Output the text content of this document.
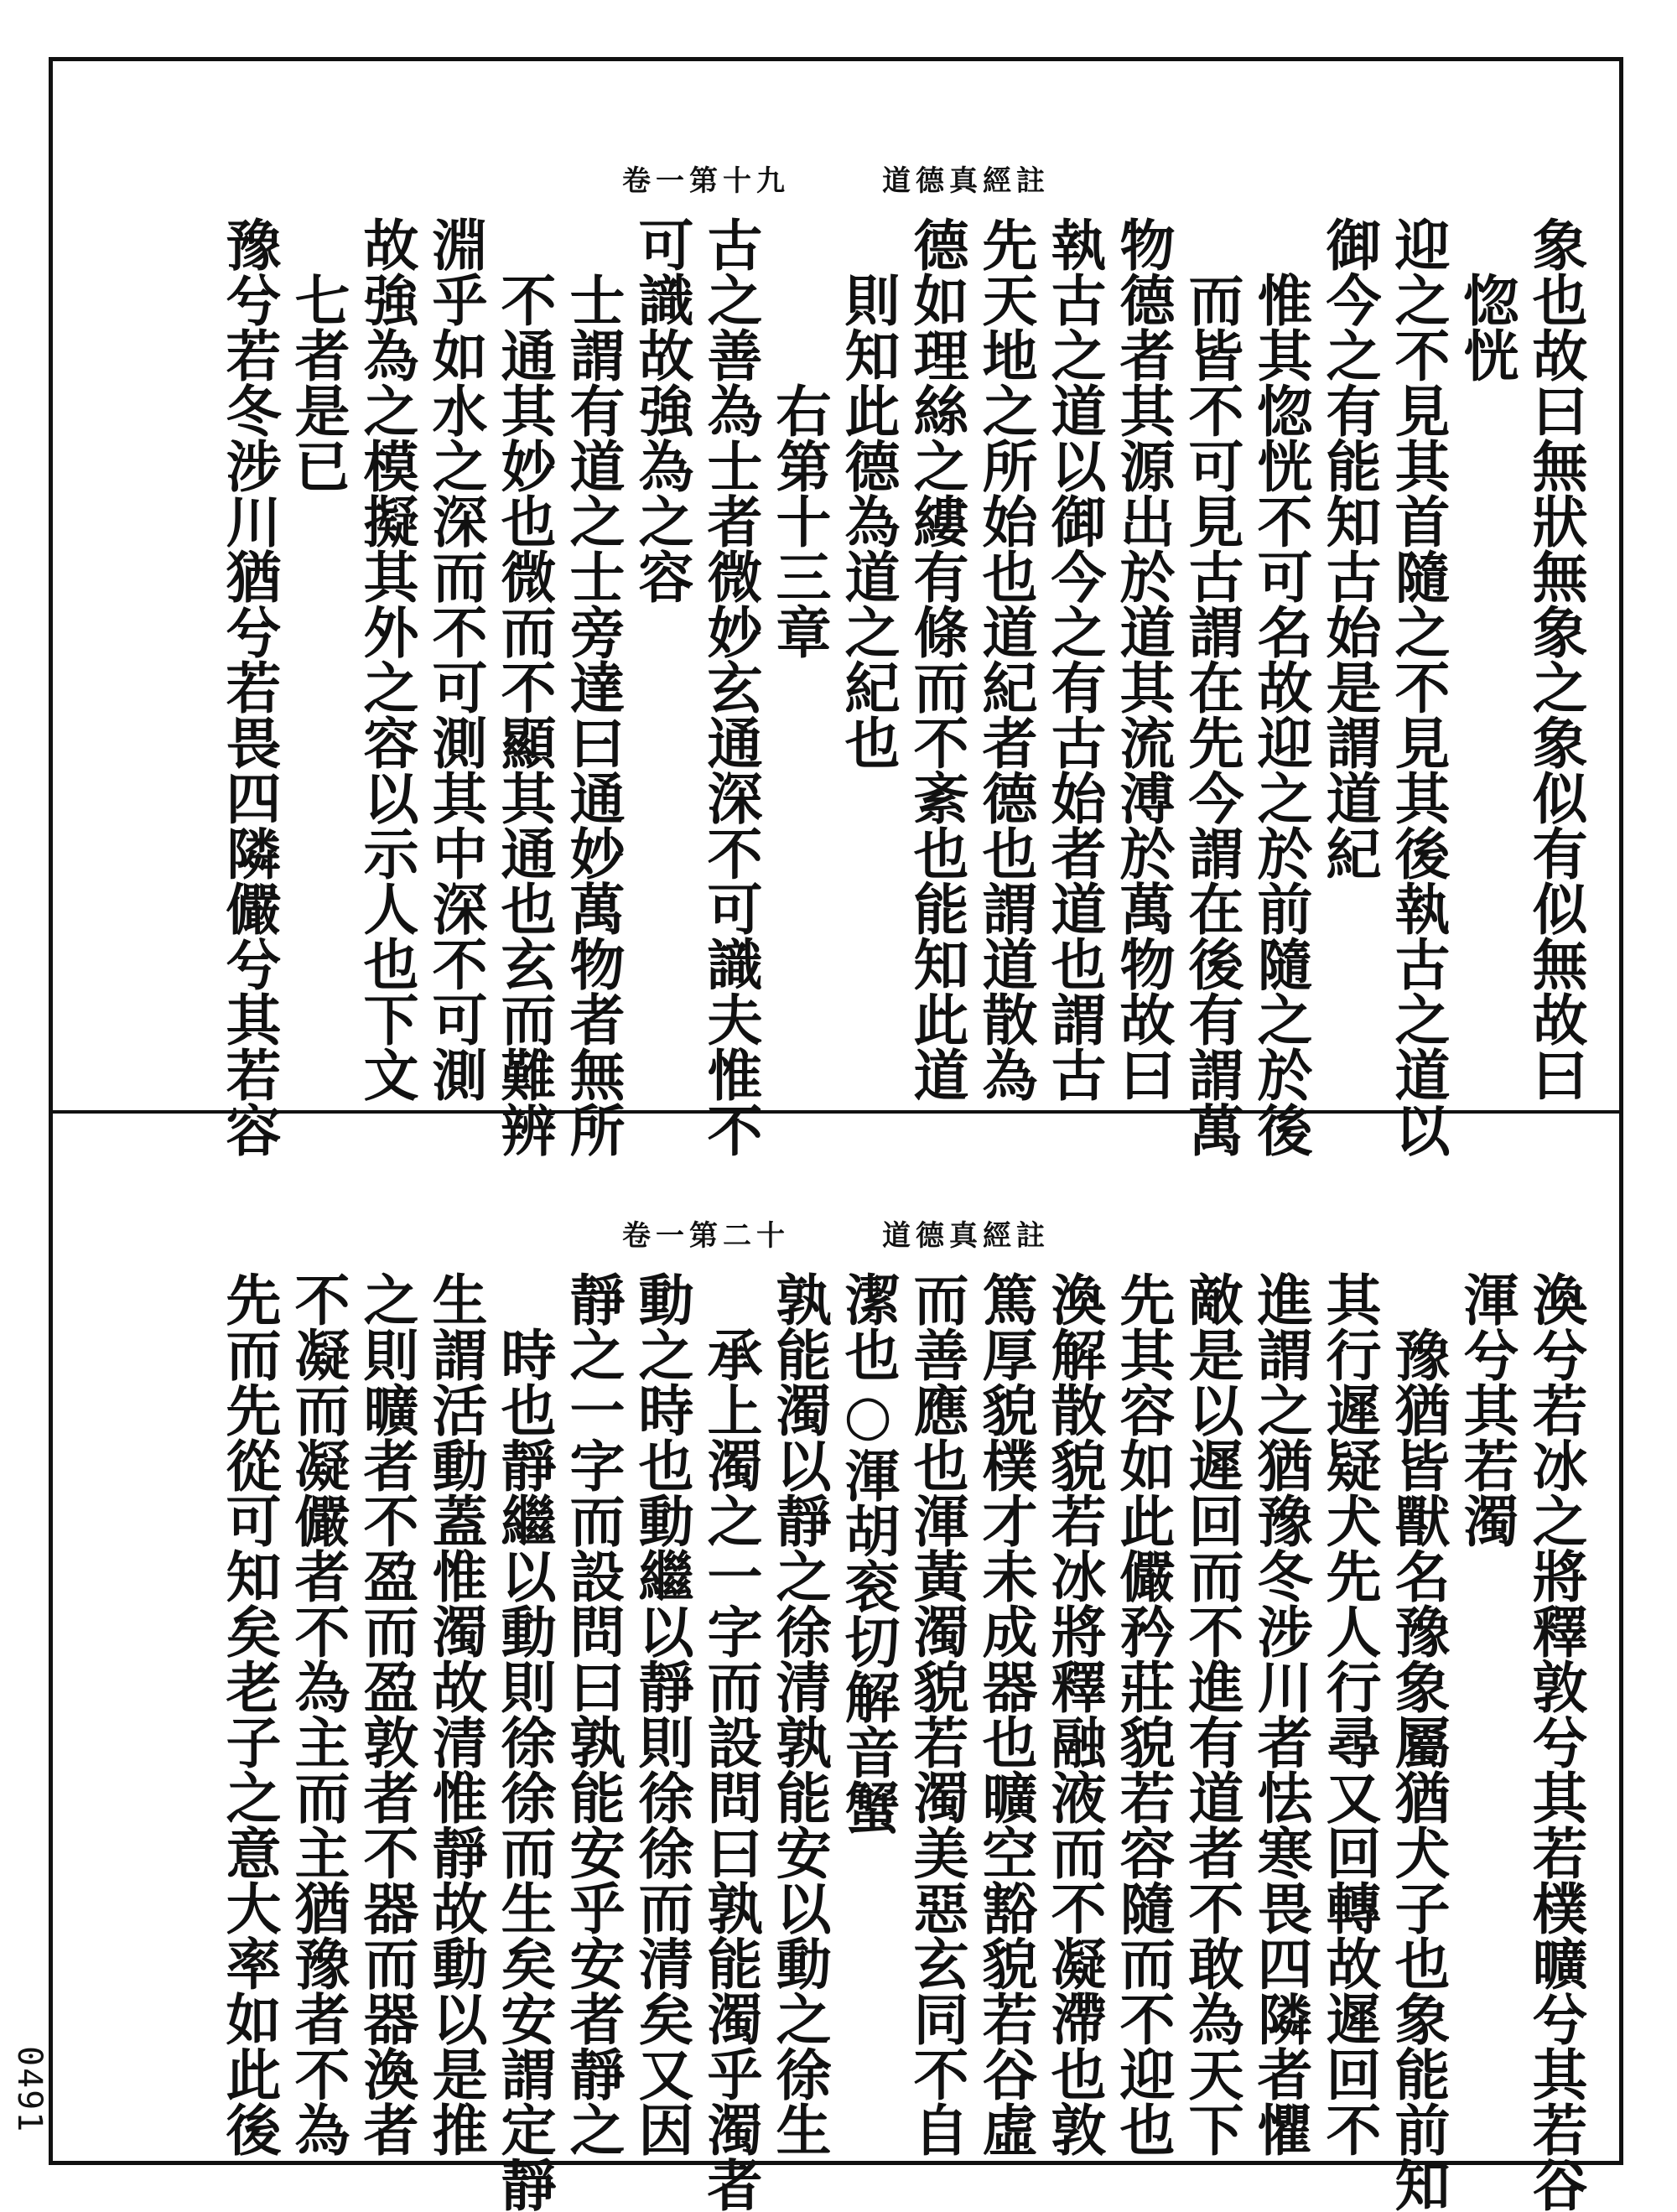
卷一第十九	道德真經註
象也故曰無狀無象之象似有似無故曰
惚恍
迎之不見其首隨之不見其後執古之道以
御今之有能知古始是謂道紀
惟其惚恍不可名故迎之於前隨之於後
而皆不可見古謂在先今謂在後有謂萬
物德者其源出於道其流溥於萬物故曰
執古之道以御今之有古始者道也謂古
先天地之所始也道紀者德也謂道散為
德如理絲之縷有條而不紊也能知此道
則知此德為道之紀也
右第十三章
古之善為士者微妙玄通深不可識夫惟不
可識故強為之容
士謂有道之士旁達曰通妙萬物者無所
不通其妙也微而不顯其通也玄而難辨
淵乎如水之深而不可測其中深不可測
故強為之模擬其外之容以示人也下文
七者是已
豫兮若冬涉川猶兮若畏四隣儼兮其若容
卷一第二十	道德真經註
渙兮若冰之將釋敦兮其若樸曠兮其若谷
渾兮其若濁
豫猶皆獸名豫象屬猶犬子也象能前知
其行遲疑犬先人行尋又回轉故遲回不
進謂之猶豫冬涉川者怯寒畏四隣者懼
敵是以遲回而不進有道者不敢為天下
先其容如此儼矜莊貌若容隨而不迎也
渙解散貌若冰將釋融液而不凝滯也敦
篤厚貌樸才未成器也曠空豁貌若谷虛
而善應也渾黃濁貌若濁美惡玄同不自
潔也○渾胡衮切解音蟹
孰能濁以靜之徐清孰能安以動之徐生
承上濁之一字而設問曰孰能濁乎濁者
動之時也動繼以靜則徐徐而清矣又因
靜之一字而設問曰孰能安乎安者靜之
時也靜繼以動則徐徐而生矣安謂定靜
生謂活動蓋惟濁故清惟靜故動以是推
之則曠者不盈而盈敦者不器而器渙者
不凝而凝儼者不為主而主猶豫者不為
先而先從可知矣老子之意大率如此後
0491
